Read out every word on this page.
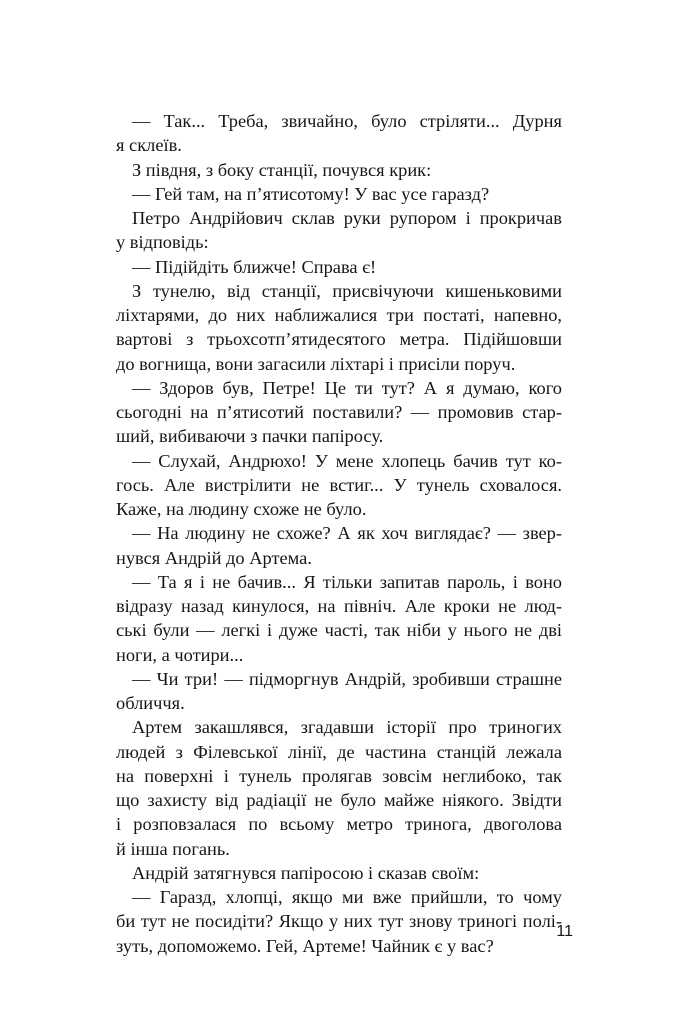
— Так... Треба, звичайно, було стріляти... Дурня
я склеїв.
З півдня, з боку станції, почувся крик:
— Гей там, на п’ятисотому! У вас усе гаразд?
Петро Андрійович склав руки рупором і прокричав
у відповідь:
— Підійдіть ближче! Справа є!
З тунелю, від станції, присвічуючи кишеньковими
ліхтарями, до них наближалися три постаті, напевно,
вартові з трьохсотп’ятидесятого метра. Підійшовши
до вогнища, вони загасили ліхтарі і присіли поруч.
— Здоров був, Петре! Це ти тут? А я думаю, кого
сьогодні на п’ятисотий поставили? — промовив стар-
ший, вибиваючи з пачки папіросу.
— Слухай, Андрюхо! У мене хлопець бачив тут ко-
гось. Але вистрілити не встиг... У тунель сховалося.
Каже, на людину схоже не було.
— На людину не схоже? А як хоч виглядає? — звер-
нувся Андрій до Артема.
— Та я і не бачив... Я тільки запитав пароль, і воно
відразу назад кинулося, на північ. Але кроки не люд-
ські були — легкі і дуже часті, так ніби у нього не дві
ноги, а чотири...
— Чи три! — підморгнув Андрій, зробивши страшне
обличчя.
Артем закашлявся, згадавши історії про триногих
людей з Філевської лінії, де частина станцій лежала
на поверхні і тунель пролягав зовсім неглибоко, так
що захисту від радіації не було майже ніякого. Звідти
і розповзалася по всьому метро тринога, двоголова
й інша погань.
Андрій затягнувся папіросою і сказав своїм:
— Гаразд, хлопці, якщо ми вже прийшли, то чому
би тут не посидіти? Якщо у них тут знову триногі полі-
зуть, допоможемо. Гей, Артеме! Чайник є у вас?
11
